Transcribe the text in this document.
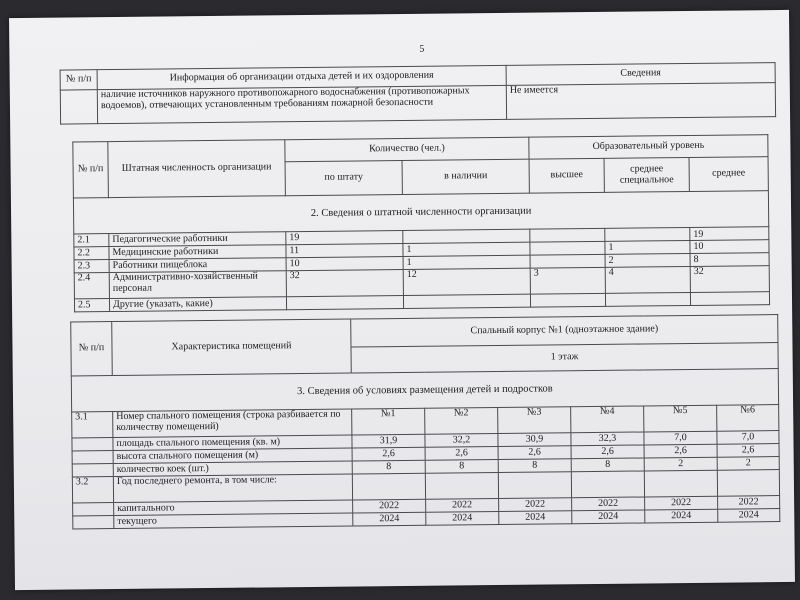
5
№ п/п	Информация об организации отдыха детей и их оздоровления	Сведения
	наличие источников наружного противопожарного водоснабжения (противопожарных водоемов), отвечающих установленным требованиям пожарной безопасности	Не имеется
№ п/п	Штатная численность организации	Количество (чел.)		Образовательный уровень		
		по штату	в наличии	высшее	среднее специальное	среднее
2. Сведения о штатной численности организации						
2.1	Педагогические работники	19				19
2.2	Медицинские работники	11	1		1	10
2.3	Работники пищеблока	10	1		2	8
2.4	Административно-хозяйственный персонал	32	12	3	4	32
2.5	Другие (указать, какие)					
№ п/п	Характеристика помещений	Спальный корпус №1 (одноэтажное здание)					
		1 этаж					
3. Сведения об условиях размещения детей и подростков							
3.1	Номер спального помещения (строка разбивается по количеству помещений)	№1	№2	№3	№4	№5	№6
	площадь спального помещения (кв. м)	31,9	32,2	30,9	32,3	7,0	7,0
	высота спального помещения (м)	2,6	2,6	2,6	2,6	2,6	2,6
	количество коек (шт.)	8	8	8	8	2	2
3.2	Год последнего ремонта, в том числе:						
	капитального	2022	2022	2022	2022	2022	2022
	текущего	2024	2024	2024	2024	2024	2024
